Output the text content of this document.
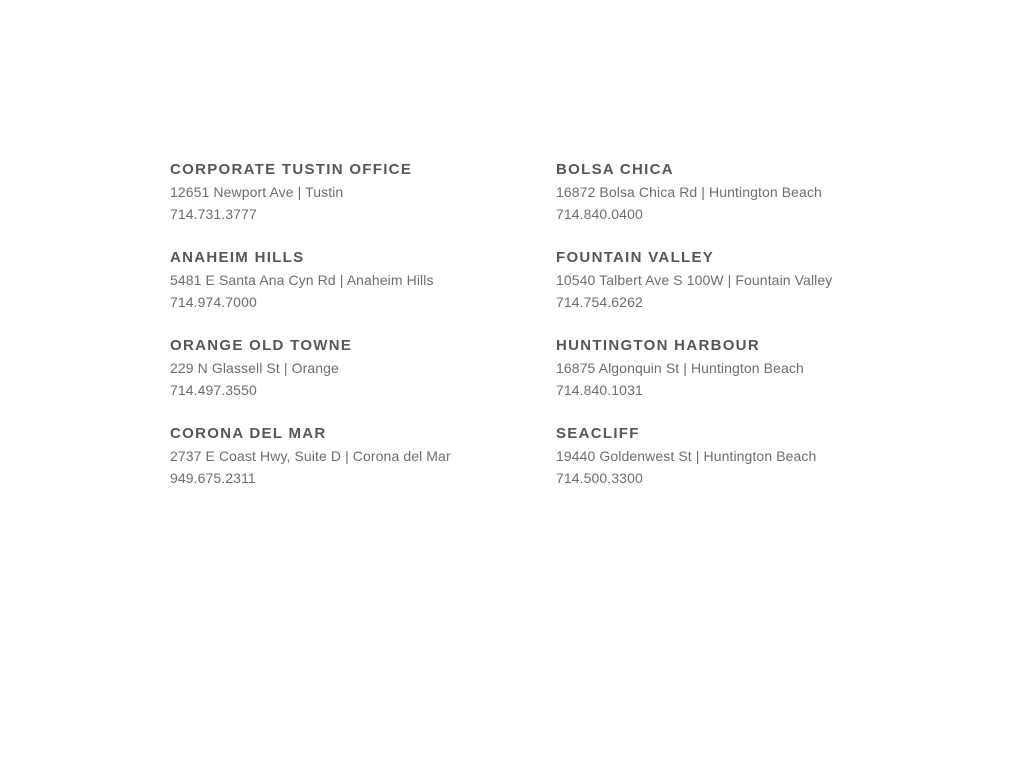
CORPORATE TUSTIN OFFICE
12651 Newport Ave | Tustin
714.731.3777
ANAHEIM HILLS
5481 E Santa Ana Cyn Rd | Anaheim Hills
714.974.7000
ORANGE OLD TOWNE
229 N Glassell St | Orange
714.497.3550
CORONA DEL MAR
2737 E Coast Hwy, Suite D | Corona del Mar
949.675.2311
BOLSA CHICA
16872 Bolsa Chica Rd | Huntington Beach
714.840.0400
FOUNTAIN VALLEY
10540 Talbert Ave S 100W | Fountain Valley
714.754.6262
HUNTINGTON HARBOUR
16875 Algonquin St | Huntington Beach
714.840.1031
SEACLIFF
19440 Goldenwest St | Huntington Beach
714.500.3300
